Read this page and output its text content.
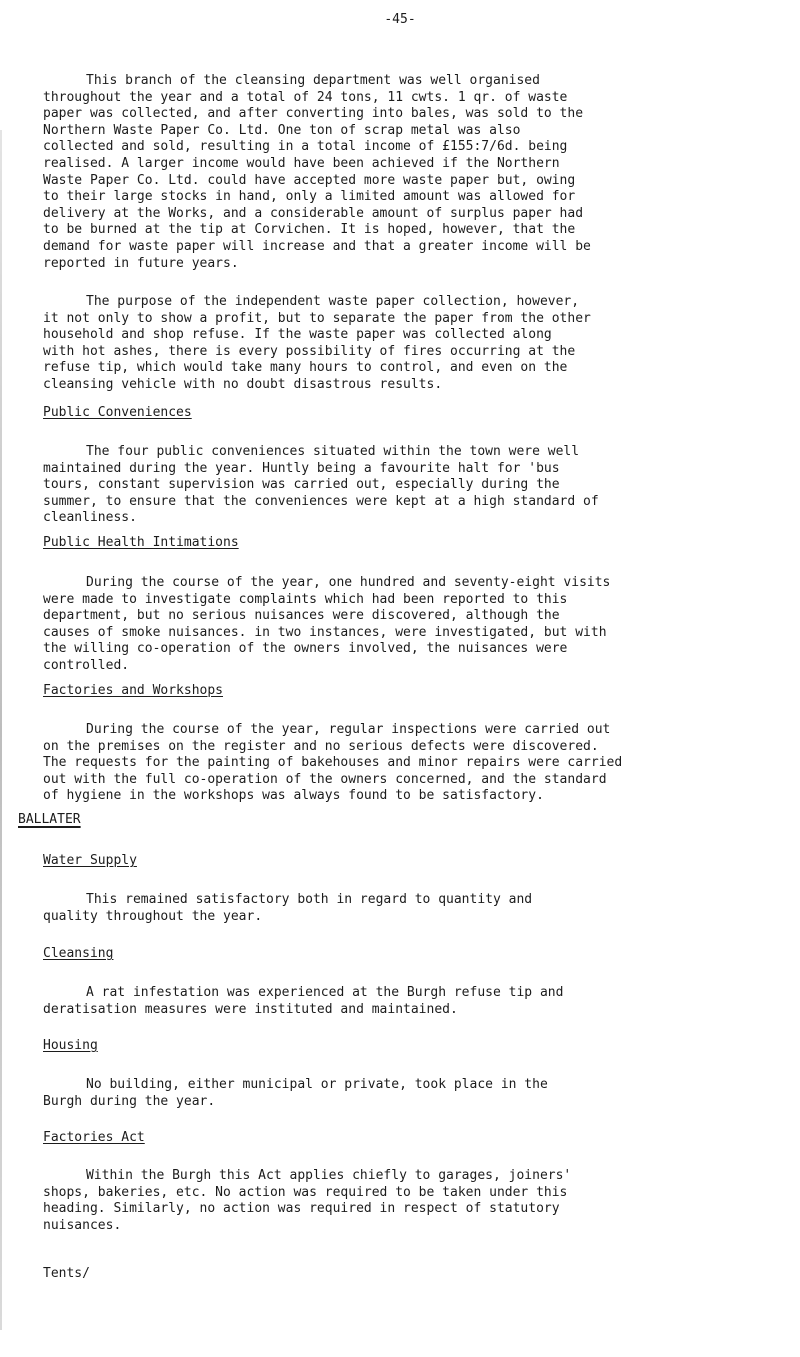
-45-

This branch of the cleansing department was well organised
throughout the year and a total of 24 tons, 11 cwts. 1 qr. of waste
paper was collected, and after converting into bales, was sold to the
Northern Waste Paper Co. Ltd. One ton of scrap metal was also
collected and sold, resulting in a total income of £155:7/6d. being
realised. A larger income would have been achieved if the Northern
Waste Paper Co. Ltd. could have accepted more waste paper but, owing
to their large stocks in hand, only a limited amount was allowed for
delivery at the Works, and a considerable amount of surplus paper had
to be burned at the tip at Corvichen. It is hoped, however, that the
demand for waste paper will increase and that a greater income will be
reported in future years.

The purpose of the independent waste paper collection, however,
it not only to show a profit, but to separate the paper from the other
household and shop refuse. If the waste paper was collected along
with hot ashes, there is every possibility of fires occurring at the
refuse tip, which would take many hours to control, and even on the
cleansing vehicle with no doubt disastrous results.

Public Conveniences

The four public conveniences situated within the town were well
maintained during the year. Huntly being a favourite halt for 'bus
tours, constant supervision was carried out, especially during the
summer, to ensure that the conveniences were kept at a high standard of
cleanliness.

Public Health Intimations

During the course of the year, one hundred and seventy-eight visits
were made to investigate complaints which had been reported to this
department, but no serious nuisances were discovered, although the
causes of smoke nuisances. in two instances, were investigated, but with
the willing co-operation of the owners involved, the nuisances were
controlled.

Factories and Workshops

During the course of the year, regular inspections were carried out
on the premises on the register and no serious defects were discovered.
The requests for the painting of bakehouses and minor repairs were carried
out with the full co-operation of the owners concerned, and the standard
of hygiene in the workshops was always found to be satisfactory.

BALLATER

Water Supply

This remained satisfactory both in regard to quantity and
quality throughout the year.

Cleansing

A rat infestation was experienced at the Burgh refuse tip and
deratisation measures were instituted and maintained.

Housing

No building, either municipal or private, took place in the
Burgh during the year.

Factories Act

Within the Burgh this Act applies chiefly to garages, joiners'
shops, bakeries, etc. No action was required to be taken under this
heading. Similarly, no action was required in respect of statutory
nuisances.

Tents/
